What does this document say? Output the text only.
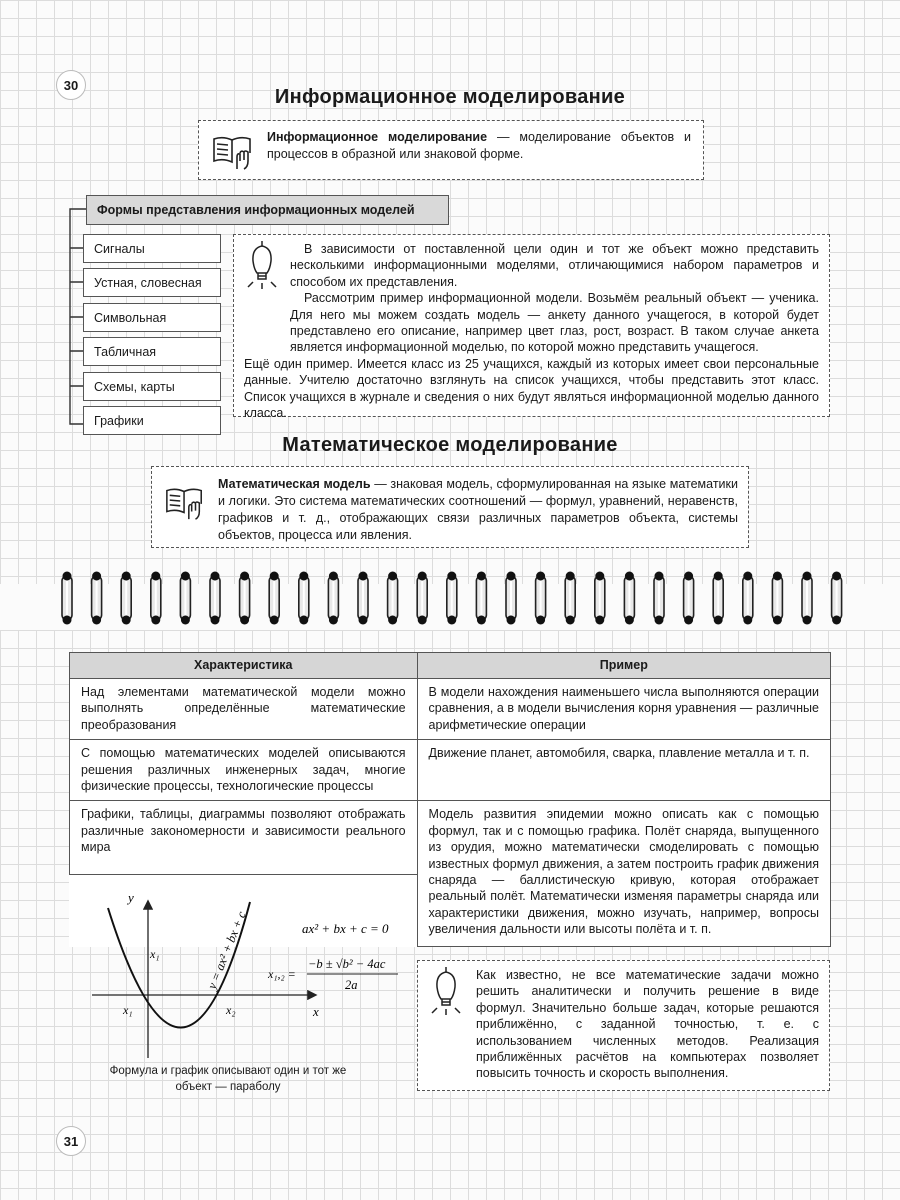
30
Информационное моделирование
Информационное моделирование — моделирование объектов и процессов в образной или знаковой форме.
Формы представления информационных моделей
Сигналы
Устная, словесная
Символьная
Табличная
Схемы, карты
Графики

В зависимости от поставленной цели один и тот же объект можно представить несколькими информационными моделями, отличающимися набором параметров и способом их представления.

Рассмотрим пример информационной модели. Возьмём реальный объект — ученика. Для него мы можем создать модель — анкету данного учащегося, в которой будет представлено его описание, например цвет глаз, рост, возраст. В таком случае анкета является информационной моделью, по которой можно представить учащегося.

Ещё один пример. Имеется класс из 25 учащихся, каждый из которых имеет свои персональные данные. Учителю достаточно взглянуть на список учащихся, чтобы представить этот класс. Список учащихся в журнале и сведения о них будут являться информационной моделью данного класса.

Математическое моделирование
Математическая модель — знаковая модель, сформулированная на языке математики и логики. Это система математических соотношений — формул, уравнений, неравенств, графиков и т. д., отображающих связи различных параметров объекта, системы объектов, процесса или явления.
Характеристика	Пример
Над элементами математической модели можно выполнять определённые математические преобразования	В модели нахождения наименьшего числа выполняются операции сравнения, а в модели вычисления корня уравнения — различные арифметические операции
С помощью математических моделей описываются решения различных инженерных задач, многие физические процессы, технологические процессы	Движение планет, автомобиля, сварка, плавление металла и т. п.
Графики, таблицы, диаграммы позволяют отображать различные закономерности и зависимости реального мира	Модель развития эпидемии можно описать как с помощью формул, так и с помощью графика. Полёт снаряда, выпущенного из орудия, можно математически смоделировать с помощью известных формул движения, а затем построить график движения снаряда — баллистическую кривую, которая отображает реальный полёт. Математически изменяя параметры снаряда или характеристики движения, можно изучать, например, вопросы увеличения дальности или высоты полёта и т. п.

y
x
x₁
x₁	x₂
y = ax² + bx + c	ax² + bx + c = 0
x₁,₂ =
−b ± √b² − 4ac
2a
Формула и график описывают один и тот же объект — параболу

Как известно, не все математические задачи можно решить аналитически и получить решение в виде формул. Значительно больше задач, которые решаются приближённо, с заданной точностью, т. е. с использованием численных методов. Реализация приближённых расчётов на компьютерах позволяет повысить точность и скорость выполнения.

31
